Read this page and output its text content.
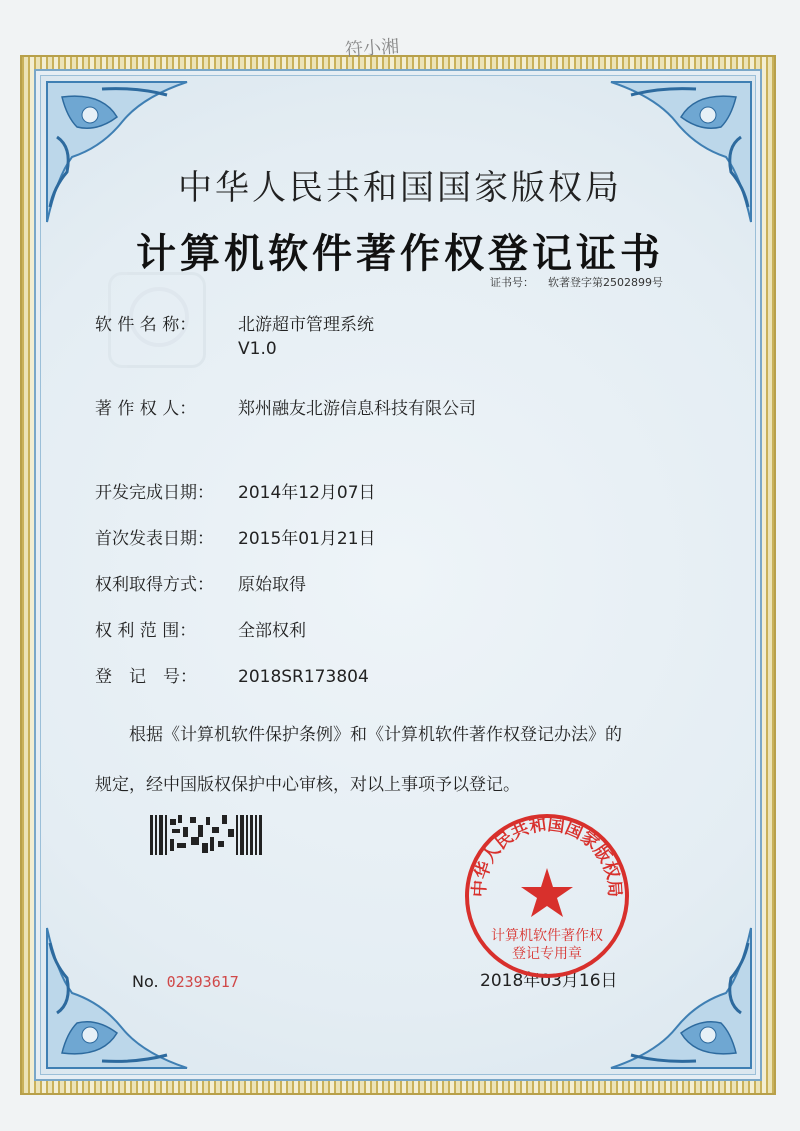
符小湘
中华人民共和国国家版权局
计算机软件著作权登记证书
证书号： 软著登字第2502899号
软 件 名 称： 北游超市管理系统
V1.0
著 作 权 人： 郑州融友北游信息科技有限公司
开发完成日期： 2014年12月07日
首次发表日期： 2015年01月21日
权利取得方式： 原始取得
权 利 范 围： 全部权利
登　记　号： 2018SR173804
根据《计算机软件保护条例》和《计算机软件著作权登记办法》的
规定，经中国版权保护中心审核，对以上事项予以登记。
No. 02393617	2018年03月16日
中华人民共和国国家版权局
计算机软件著作权
登记专用章
